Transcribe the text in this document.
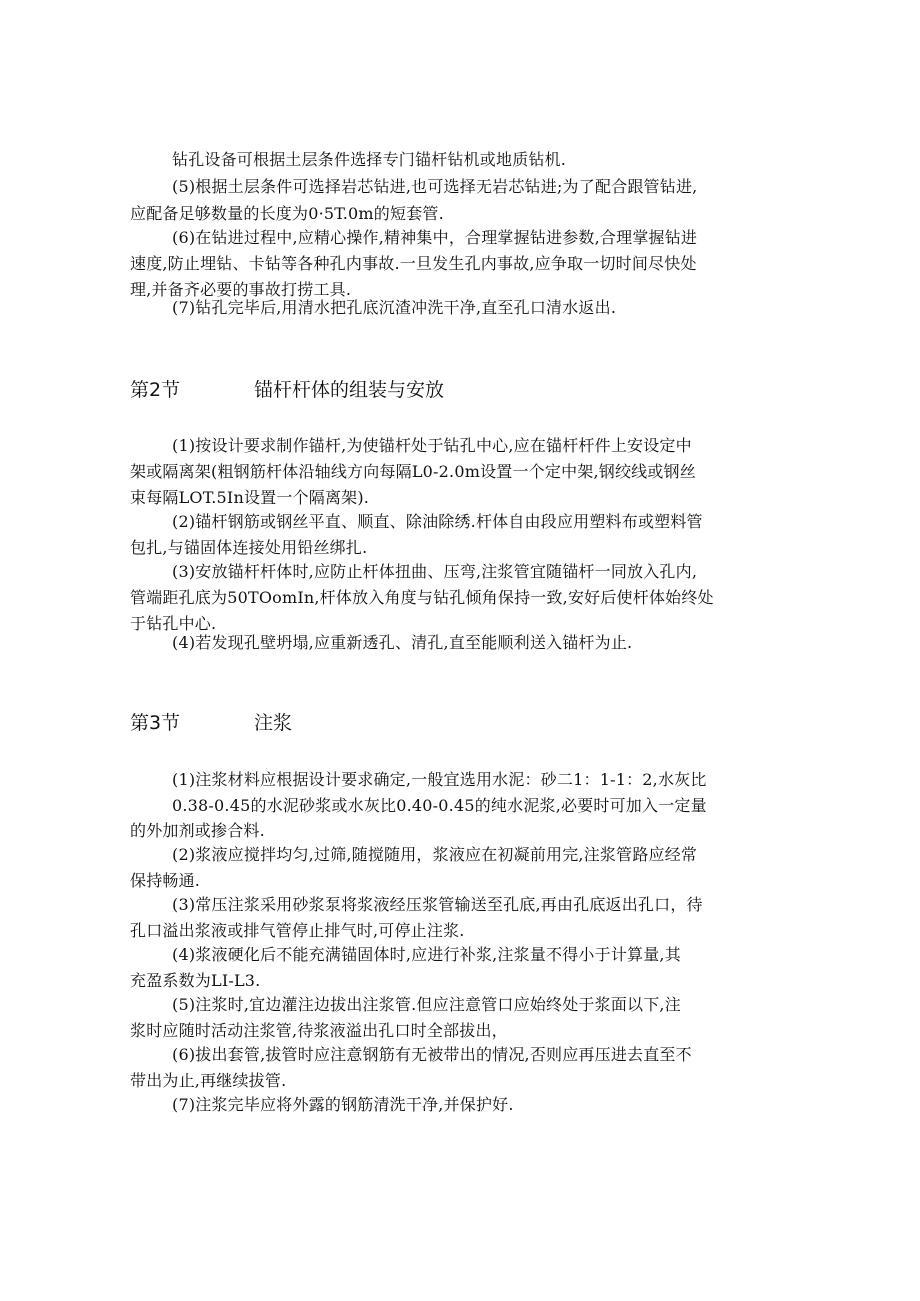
钻孔设备可根据土层条件选择专门锚杆钻机或地质钻机.
(5)根据土层条件可选择岩芯钻进,也可选择无岩芯钻进;为了配合跟管钻进,
应配备足够数量的长度为0·5T.0m的短套管.
(6)在钻进过程中,应精心操作,精神集中，合理掌握钻进参数,合理掌握钻进
速度,防止埋钻、卡钻等各种孔内事故.一旦发生孔内事故,应争取一切时间尽快处
理,并备齐必要的事故打捞工具.
(7)钻孔完毕后,用清水把孔底沉渣冲洗干净,直至孔口清水返出.
第2节	锚杆杆体的组装与安放
(1)按设计要求制作锚杆,为使锚杆处于钻孔中心,应在锚杆杆件上安设定中
架或隔离架(粗钢筋杆体沿轴线方向每隔L0-2.0m设置一个定中架,钢绞线或钢丝
束每隔LOT.5In设置一个隔离架).
(2)锚杆钢筋或钢丝平直、顺直、除油除绣.杆体自由段应用塑料布或塑料管
包扎,与锚固体连接处用铅丝绑扎.
(3)安放锚杆杆体时,应防止杆体扭曲、压弯,注浆管宜随锚杆一同放入孔内,
管端距孔底为50TOomIn,杆体放入角度与钻孔倾角保持一致,安好后使杆体始终处
于钻孔中心.
(4)若发现孔壁坍塌,应重新透孔、清孔,直至能顺利送入锚杆为止.
第3节	注浆
(1)注浆材料应根据设计要求确定,一般宜选用水泥：砂二1：1-1：2,水灰比
0.38-0.45的水泥砂浆或水灰比0.40-0.45的纯水泥浆,必要时可加入一定量
的外加剂或掺合料.
(2)浆液应搅拌均匀,过筛,随搅随用，浆液应在初凝前用完,注浆管路应经常
保持畅通.
(3)常压注浆采用砂浆泵将浆液经压浆管输送至孔底,再由孔底返出孔口，待
孔口溢出浆液或排气管停止排气时,可停止注浆.
(4)浆液硬化后不能充满锚固体时,应进行补浆,注浆量不得小于计算量,其
充盈系数为LI-L3.
(5)注浆时,宜边灌注边拔出注浆管.但应注意管口应始终处于浆面以下,注
浆时应随时活动注浆管,待浆液溢出孔口时全部拔出，
(6)拔出套管,拔管时应注意钢筋有无被带出的情况,否则应再压进去直至不
带出为止,再继续拔管.
(7)注浆完毕应将外露的钢筋清洗干净,并保护好.
